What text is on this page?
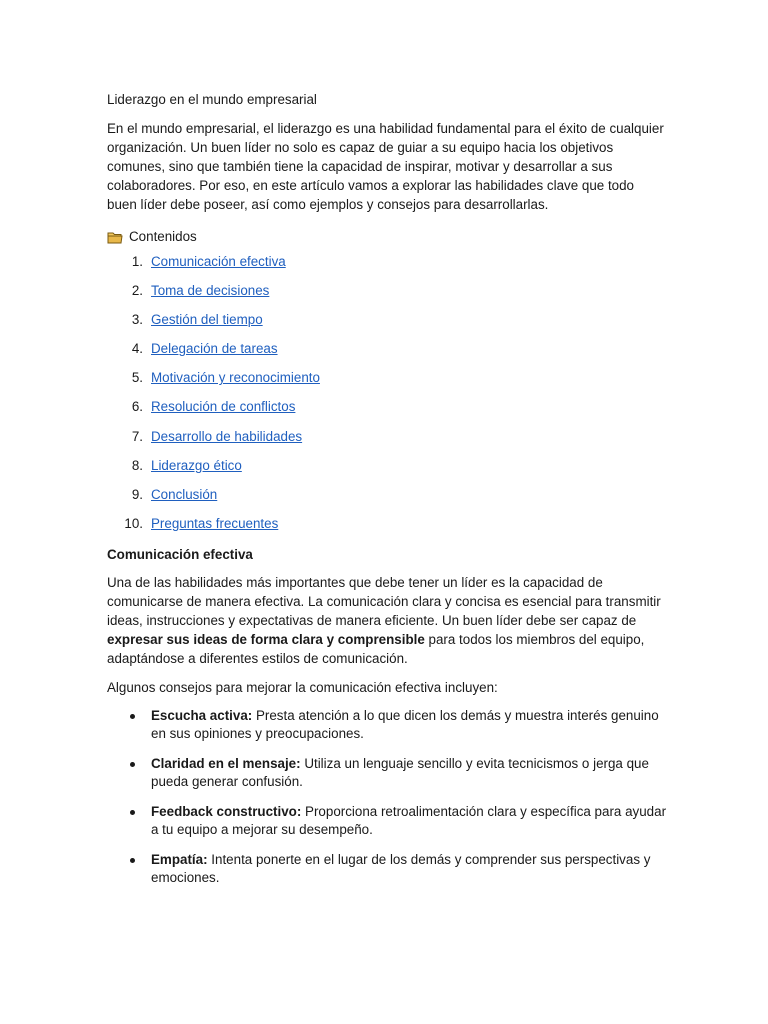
Liderazgo en el mundo empresarial

En el mundo empresarial, el liderazgo es una habilidad fundamental para el éxito de cualquier organización. Un buen líder no solo es capaz de guiar a su equipo hacia los objetivos comunes, sino que también tiene la capacidad de inspirar, motivar y desarrollar a sus colaboradores. Por eso, en este artículo vamos a explorar las habilidades clave que todo buen líder debe poseer, así como ejemplos y consejos para desarrollarlas.

Contenidos
1. Comunicación efectiva
2. Toma de decisiones
3. Gestión del tiempo
4. Delegación de tareas
5. Motivación y reconocimiento
6. Resolución de conflictos
7. Desarrollo de habilidades
8. Liderazgo ético
9. Conclusión
10. Preguntas frecuentes

Comunicación efectiva

Una de las habilidades más importantes que debe tener un líder es la capacidad de comunicarse de manera efectiva. La comunicación clara y concisa es esencial para transmitir ideas, instrucciones y expectativas de manera eficiente. Un buen líder debe ser capaz de expresar sus ideas de forma clara y comprensible para todos los miembros del equipo, adaptándose a diferentes estilos de comunicación.

Algunos consejos para mejorar la comunicación efectiva incluyen:

Escucha activa: Presta atención a lo que dicen los demás y muestra interés genuino en sus opiniones y preocupaciones.
Claridad en el mensaje: Utiliza un lenguaje sencillo y evita tecnicismos o jerga que pueda generar confusión.
Feedback constructivo: Proporciona retroalimentación clara y específica para ayudar a tu equipo a mejorar su desempeño.
Empatía: Intenta ponerte en el lugar de los demás y comprender sus perspectivas y emociones.
